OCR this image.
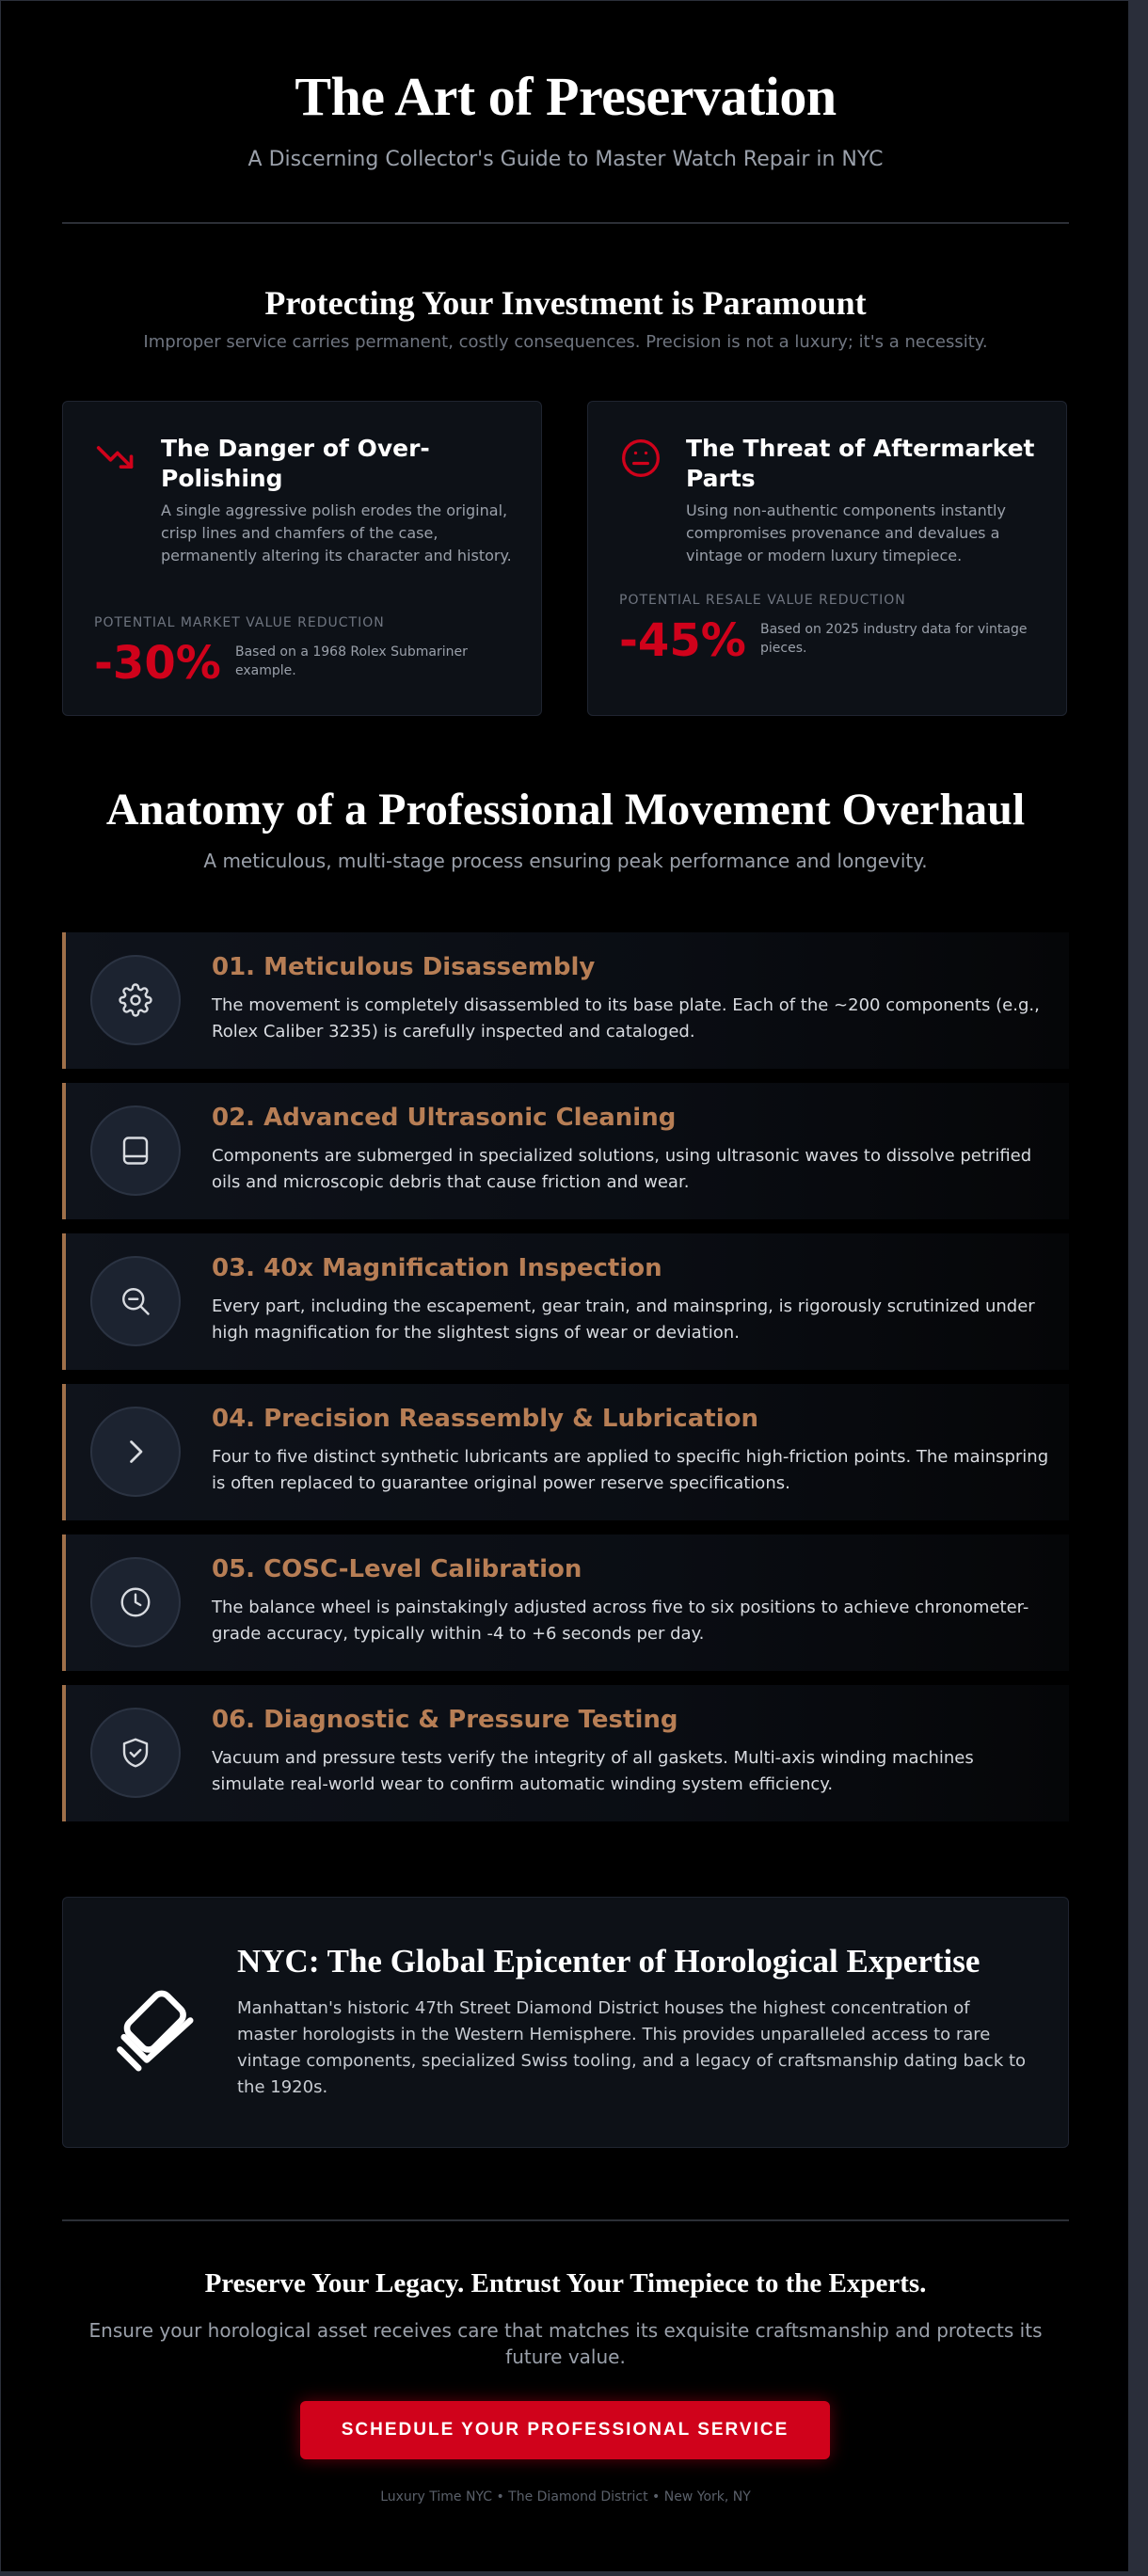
The Art of Preservation
A Discerning Collector's Guide to Master Watch Repair in NYC
Protecting Your Investment is Paramount
Improper service carries permanent, costly consequences. Precision is not a luxury; it's a necessity.
The Danger of Over-Polishing
A single aggressive polish erodes the original, crisp lines and chamfers of the case, permanently altering its character and history.
POTENTIAL MARKET VALUE REDUCTION
-30% Based on a 1968 Rolex Submariner example.
The Threat of Aftermarket Parts
Using non-authentic components instantly compromises provenance and devalues a vintage or modern luxury timepiece.
POTENTIAL RESALE VALUE REDUCTION
-45% Based on 2025 industry data for vintage pieces.
Anatomy of a Professional Movement Overhaul
A meticulous, multi-stage process ensuring peak performance and longevity.
01. Meticulous Disassembly

The movement is completely disassembled to its base plate. Each of the ~200 components (e.g., Rolex Caliber 3235) is carefully inspected and cataloged.

02. Advanced Ultrasonic Cleaning

Components are submerged in specialized solutions, using ultrasonic waves to dissolve petrified oils and microscopic debris that cause friction and wear.

03. 40x Magnification Inspection

Every part, including the escapement, gear train, and mainspring, is rigorously scrutinized under high magnification for the slightest signs of wear or deviation.

04. Precision Reassembly & Lubrication

Four to five distinct synthetic lubricants are applied to specific high-friction points. The mainspring is often replaced to guarantee original power reserve specifications.

05. COSC-Level Calibration

The balance wheel is painstakingly adjusted across five to six positions to achieve chronometer-grade accuracy, typically within -4 to +6 seconds per day.

06. Diagnostic & Pressure Testing

Vacuum and pressure tests verify the integrity of all gaskets. Multi-axis winding machines simulate real-world wear to confirm automatic winding system efficiency.

NYC: The Global Epicenter of Horological Expertise

Manhattan's historic 47th Street Diamond District houses the highest concentration of master horologists in the Western Hemisphere. This provides unparalleled access to rare vintage components, specialized Swiss tooling, and a legacy of craftsmanship dating back to the 1920s.

Preserve Your Legacy. Entrust Your Timepiece to the Experts.
Ensure your horological asset receives care that matches its exquisite craftsmanship and protects its future value.
SCHEDULE YOUR PROFESSIONAL SERVICE
Luxury Time NYC • The Diamond District • New York, NY
